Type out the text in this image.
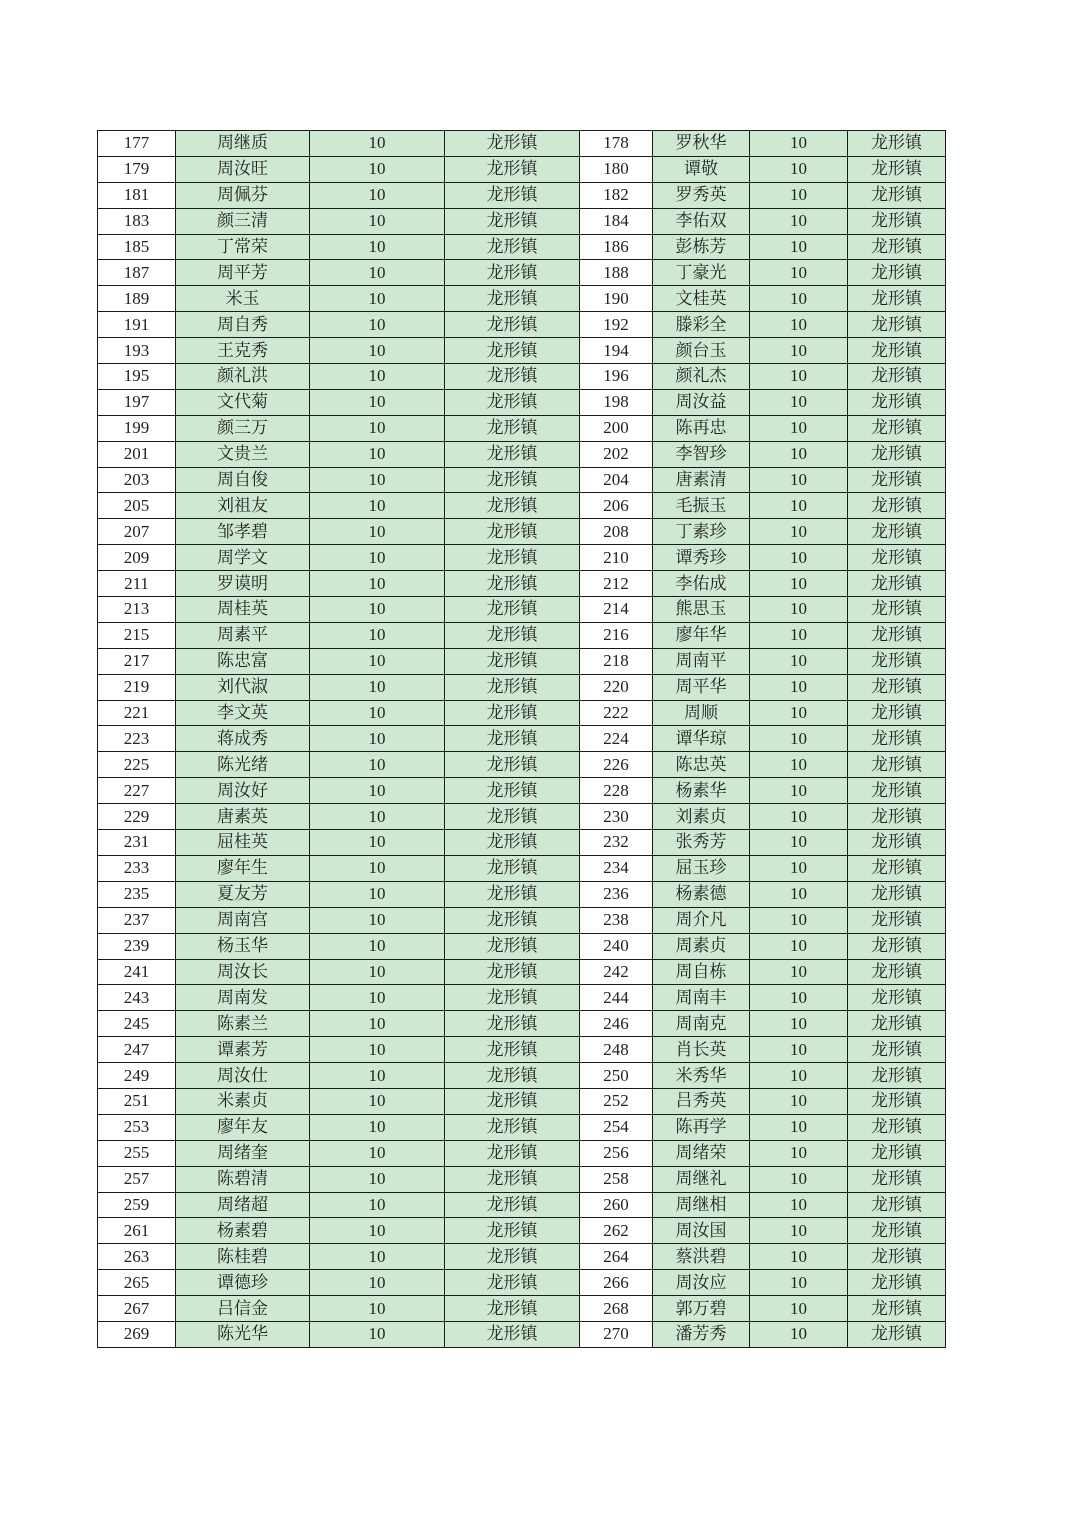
177	周继质	10	龙形镇	178	罗秋华	10	龙形镇
179	周汝旺	10	龙形镇	180	谭敬	10	龙形镇
181	周佩芬	10	龙形镇	182	罗秀英	10	龙形镇
183	颜三清	10	龙形镇	184	李佑双	10	龙形镇
185	丁常荣	10	龙形镇	186	彭栋芳	10	龙形镇
187	周平芳	10	龙形镇	188	丁豪光	10	龙形镇
189	米玉	10	龙形镇	190	文桂英	10	龙形镇
191	周自秀	10	龙形镇	192	滕彩全	10	龙形镇
193	王克秀	10	龙形镇	194	颜台玉	10	龙形镇
195	颜礼洪	10	龙形镇	196	颜礼杰	10	龙形镇
197	文代菊	10	龙形镇	198	周汝益	10	龙形镇
199	颜三万	10	龙形镇	200	陈再忠	10	龙形镇
201	文贵兰	10	龙形镇	202	李智珍	10	龙形镇
203	周自俊	10	龙形镇	204	唐素清	10	龙形镇
205	刘祖友	10	龙形镇	206	毛振玉	10	龙形镇
207	邹孝碧	10	龙形镇	208	丁素珍	10	龙形镇
209	周学文	10	龙形镇	210	谭秀珍	10	龙形镇
211	罗谟明	10	龙形镇	212	李佑成	10	龙形镇
213	周桂英	10	龙形镇	214	熊思玉	10	龙形镇
215	周素平	10	龙形镇	216	廖年华	10	龙形镇
217	陈忠富	10	龙形镇	218	周南平	10	龙形镇
219	刘代淑	10	龙形镇	220	周平华	10	龙形镇
221	李文英	10	龙形镇	222	周顺	10	龙形镇
223	蒋成秀	10	龙形镇	224	谭华琼	10	龙形镇
225	陈光绪	10	龙形镇	226	陈忠英	10	龙形镇
227	周汝好	10	龙形镇	228	杨素华	10	龙形镇
229	唐素英	10	龙形镇	230	刘素贞	10	龙形镇
231	屈桂英	10	龙形镇	232	张秀芳	10	龙形镇
233	廖年生	10	龙形镇	234	屈玉珍	10	龙形镇
235	夏友芳	10	龙形镇	236	杨素德	10	龙形镇
237	周南宫	10	龙形镇	238	周介凡	10	龙形镇
239	杨玉华	10	龙形镇	240	周素贞	10	龙形镇
241	周汝长	10	龙形镇	242	周自栋	10	龙形镇
243	周南发	10	龙形镇	244	周南丰	10	龙形镇
245	陈素兰	10	龙形镇	246	周南克	10	龙形镇
247	谭素芳	10	龙形镇	248	肖长英	10	龙形镇
249	周汝仕	10	龙形镇	250	米秀华	10	龙形镇
251	米素贞	10	龙形镇	252	吕秀英	10	龙形镇
253	廖年友	10	龙形镇	254	陈再学	10	龙形镇
255	周绪奎	10	龙形镇	256	周绪荣	10	龙形镇
257	陈碧清	10	龙形镇	258	周继礼	10	龙形镇
259	周绪超	10	龙形镇	260	周继相	10	龙形镇
261	杨素碧	10	龙形镇	262	周汝国	10	龙形镇
263	陈桂碧	10	龙形镇	264	蔡洪碧	10	龙形镇
265	谭德珍	10	龙形镇	266	周汝应	10	龙形镇
267	吕信金	10	龙形镇	268	郭万碧	10	龙形镇
269	陈光华	10	龙形镇	270	潘芳秀	10	龙形镇
